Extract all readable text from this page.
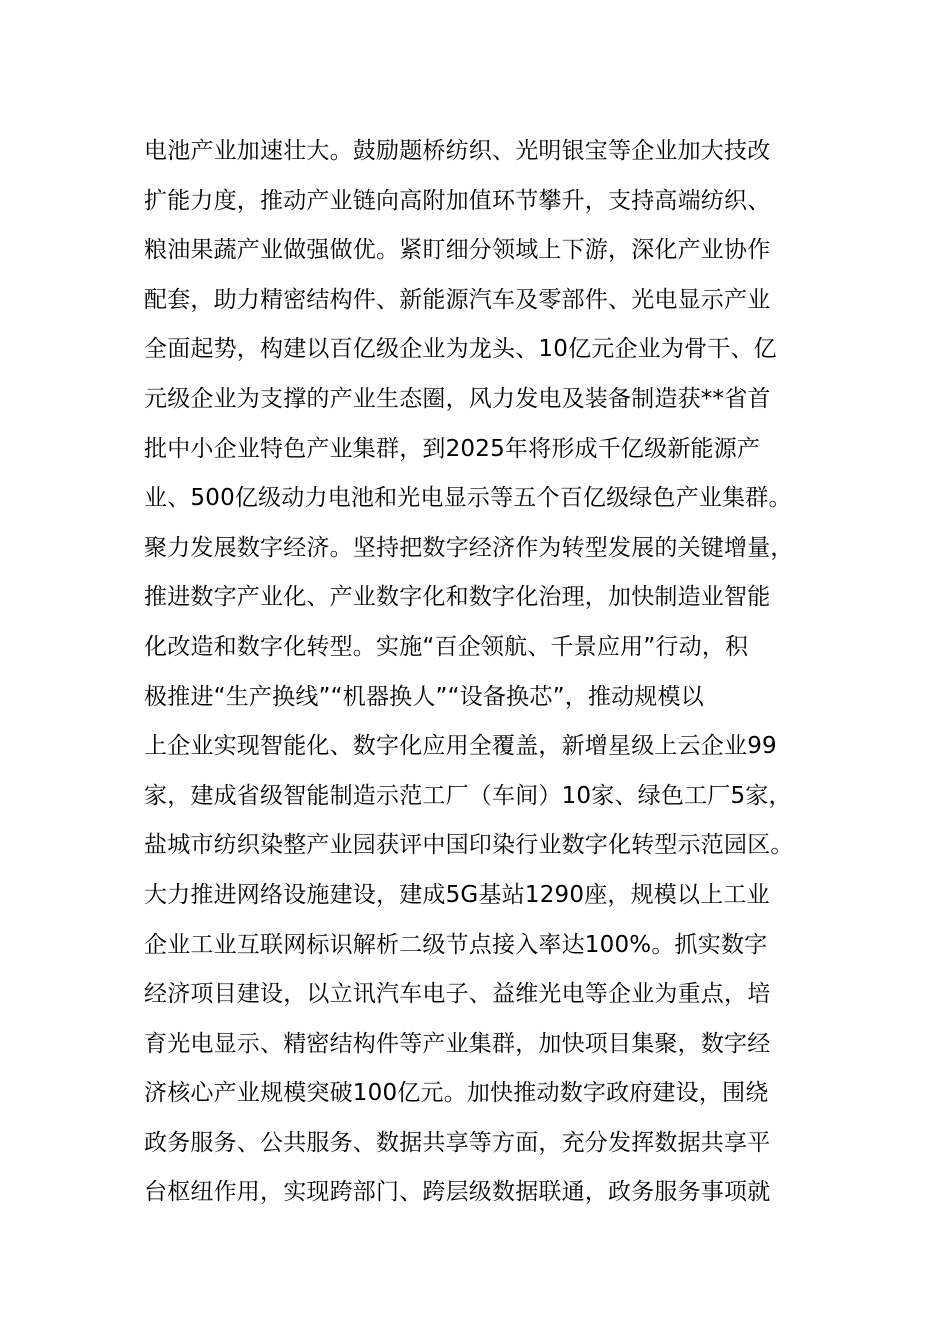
电池产业加速壮大。鼓励题桥纺织、光明银宝等企业加大技改
扩能力度，推动产业链向高附加值环节攀升，支持高端纺织、
粮油果蔬产业做强做优。紧盯细分领域上下游，深化产业协作
配套，助力精密结构件、新能源汽车及零部件、光电显示产业
全面起势，构建以百亿级企业为龙头、10亿元企业为骨干、亿
元级企业为支撑的产业生态圈，风力发电及装备制造获**省首
批中小企业特色产业集群，到2025年将形成千亿级新能源产
业、500亿级动力电池和光电显示等五个百亿级绿色产业集群。
聚力发展数字经济。坚持把数字经济作为转型发展的关键增量，
推进数字产业化、产业数字化和数字化治理，加快制造业智能
化改造和数字化转型。实施“百企领航、千景应用”行动，积
极推进“生产换线”“机器换人”“设备换芯”，推动规模以
上企业实现智能化、数字化应用全覆盖，新增星级上云企业99
家，建成省级智能制造示范工厂（车间）10家、绿色工厂5家，
盐城市纺织染整产业园获评中国印染行业数字化转型示范园区。
大力推进网络设施建设，建成5G基站1290座，规模以上工业
企业工业互联网标识解析二级节点接入率达100%。抓实数字
经济项目建设，以立讯汽车电子、益维光电等企业为重点，培
育光电显示、精密结构件等产业集群，加快项目集聚，数字经
济核心产业规模突破100亿元。加快推动数字政府建设，围绕
政务服务、公共服务、数据共享等方面，充分发挥数据共享平
台枢纽作用，实现跨部门、跨层级数据联通，政务服务事项就
